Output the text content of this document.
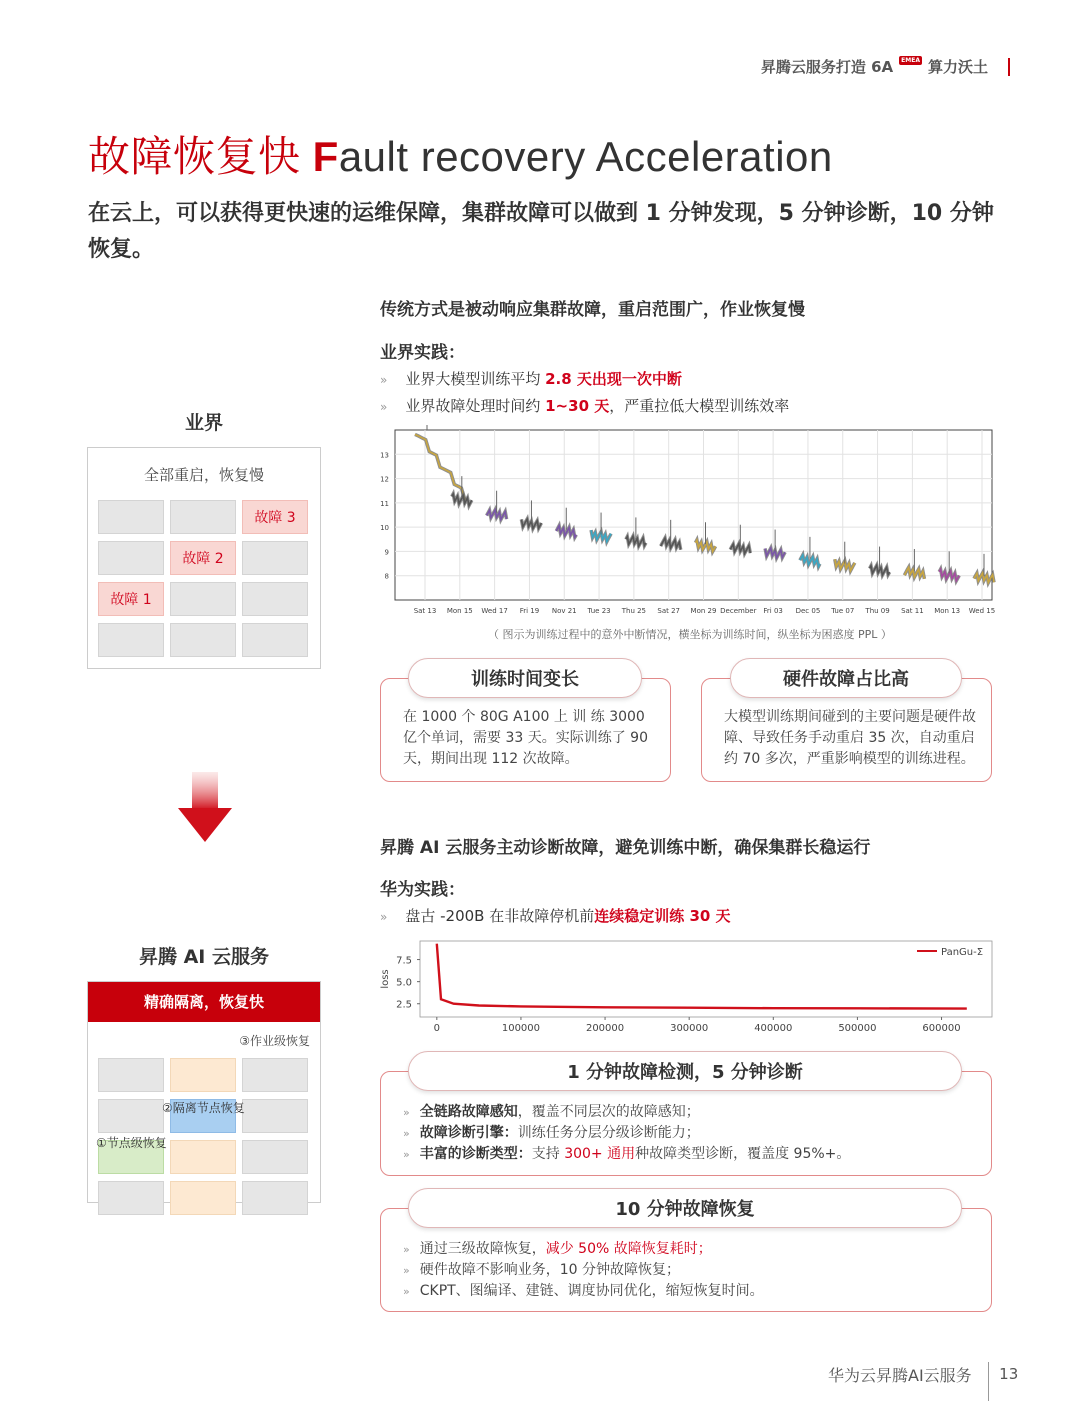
昇腾云服务打造 6A	EMEA 算力沃土
故障恢复快 Fault recovery Acceleration
在云上，可以获得更快速的运维保障，集群故障可以做到 1 分钟发现，5 分钟诊断，10 分钟恢复。
传统方式是被动响应集群故障，重启范围广，作业恢复慢
业界实践：
» 业界大模型训练平均 2.8 天出现一次中断
» 业界故障处理时间约 1~30 天，严重拉低大模型训练效率
Sat 13 Mon 15 Wed 17 Fri 19 Nov 21 Tue 23 Thu 25 Sat 27 Mon 29 December Fri 03 Dec 05 Tue 07 Thu 09 Sat 11 Mon 13 Wed 15
8
9
10
11
12
13
（ 图示为训练过程中的意外中断情况，横坐标为训练时间，纵坐标为困惑度 PPL ）
业界
全部重启，恢复慢
故障 3
故障 2
故障 1
昇腾 AI 云服务
精确隔离，恢复快
③作业级恢复
②隔离节点恢复
①节点级恢复
在 1000 个 80G A100 上 训 练 3000 亿个单词，需要 33 天。实际训练了 90 天，期间出现 112 次故障。
训练时间变长
大模型训练期间碰到的主要问题是硬件故障、导致任务手动重启 35 次，自动重启约 70 多次，严重影响模型的训练进程。
硬件故障占比高
昇腾 AI 云服务主动诊断故障，避免训练中断，确保集群长稳运行
华为实践：
» 盘古 -200B 在非故障停机前连续稳定训练 30 天
0	100000	200000	300000	400000	500000	600000
2.5
5.0
7.5
loss
PanGu-Σ
» 全链路故障感知，覆盖不同层次的故障感知；
» 故障诊断引擎：训练任务分层分级诊断能力；
» 丰富的诊断类型：支持 300+ 通用种故障类型诊断，覆盖度 95%+。
1 分钟故障检测，5 分钟诊断
» 通过三级故障恢复，减少 50% 故障恢复耗时；
» 硬件故障不影响业务，10 分钟故障恢复；
» CKPT、图编译、建链、调度协同优化，缩短恢复时间。
10 分钟故障恢复
华为云昇腾AI云服务 13
